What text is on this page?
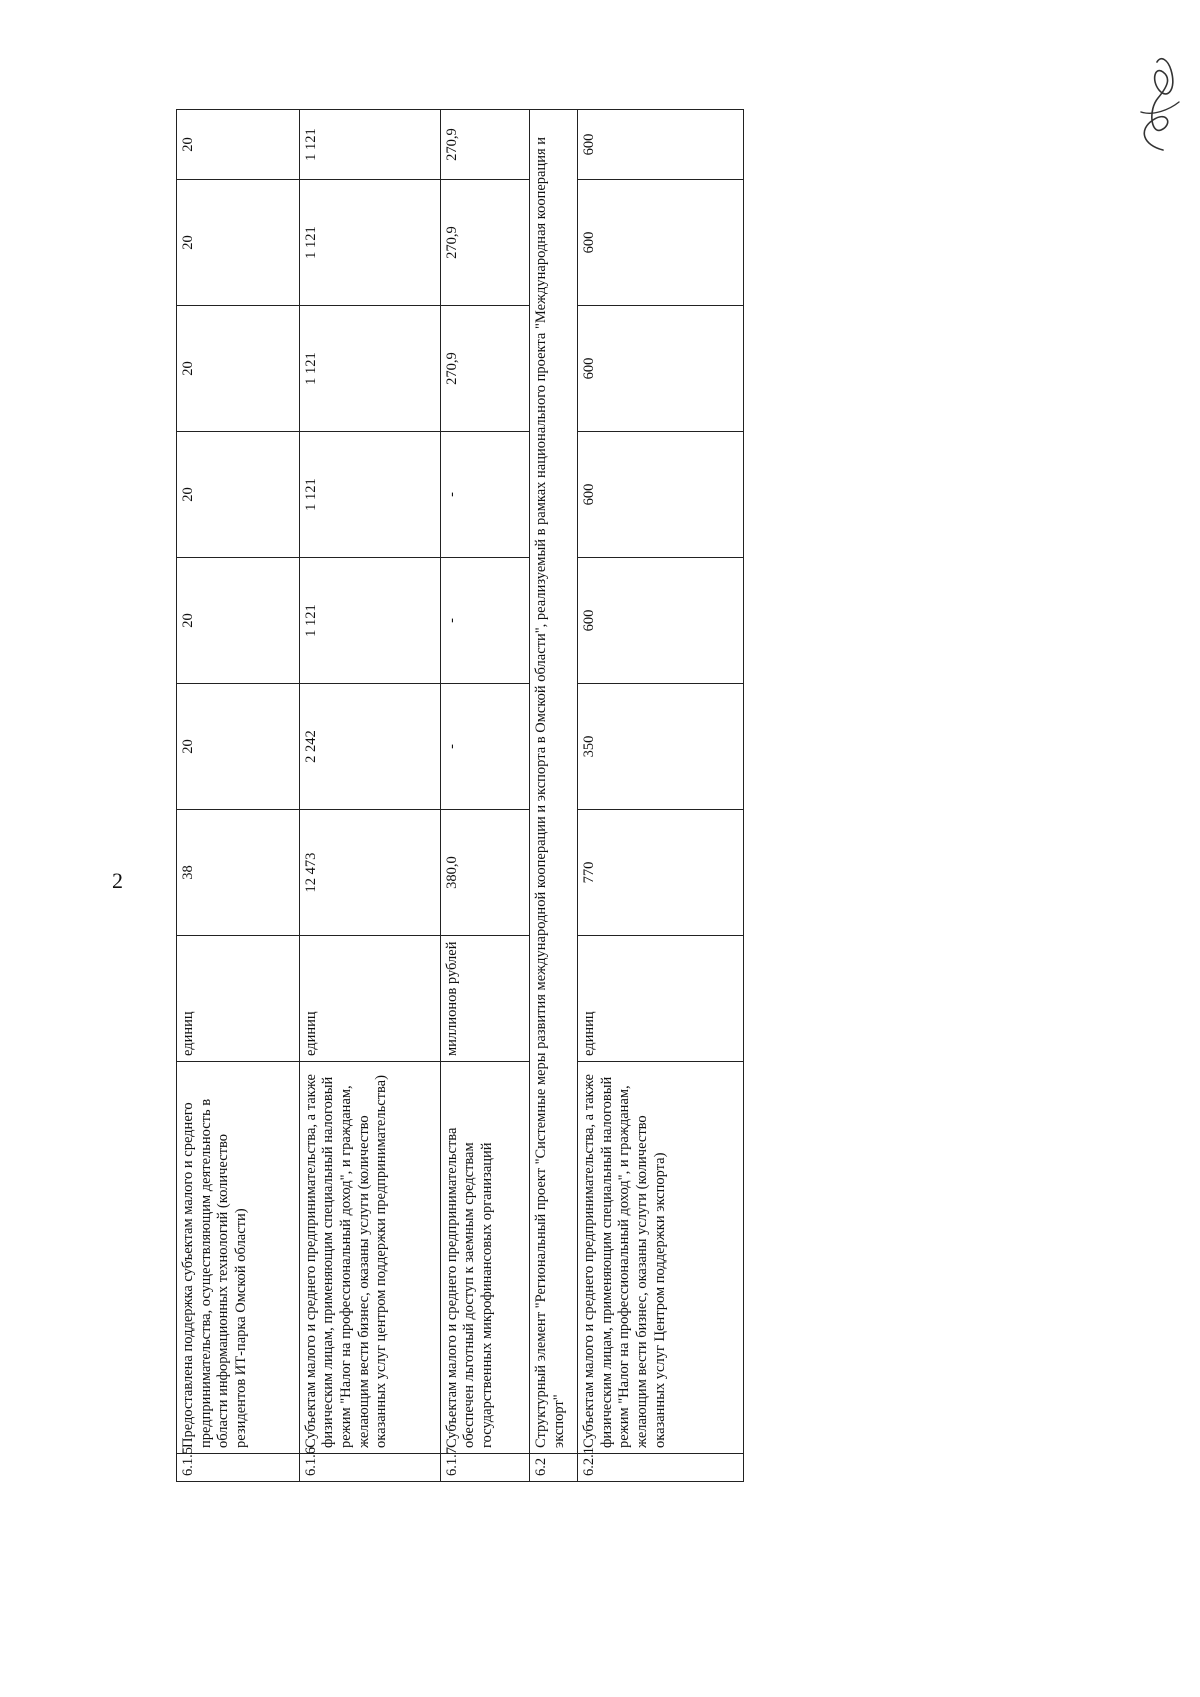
2
6.1.5	Предоставлена поддержка субъектам малого и среднего предпринимательства, осуществляющим деятельность в области информационных технологий (количество резидентов ИТ-парка Омской области)	единиц	38	20	20	20	20	20	20
6.1.6	Субъектам малого и среднего предпринимательства, а также физическим лицам, применяющим специальный налоговый режим "Налог на профессиональный доход", и гражданам, желающим вести бизнес, оказаны услуги (количество оказанных услуг центром поддержки предпринимательства)	единиц	12 473	2 242	1 121	1 121	1 121	1 121	1 121
6.1.7	Субъектам малого и среднего предпринимательства обеспечен льготный доступ к заемным средствам государственных микрофинансовых организаций	миллионов рублей	380,0	-	-	-	270,9	270,9	270,9
6.2	Структурный элемент "Региональный проект "Системные меры развития международной кооперации и экспорта в Омской области", реализуемый в рамках национального проекта "Международная кооперация и экспорт"								
6.2.1	Субъектам малого и среднего предпринимательства, а также физическим лицам, применяющим специальный налоговый режим "Налог на профессиональный доход", и гражданам, желающим вести бизнес, оказаны услуги (количество оказанных услуг Центром поддержки экспорта)	единиц	770	350	600	600	600	600	600
